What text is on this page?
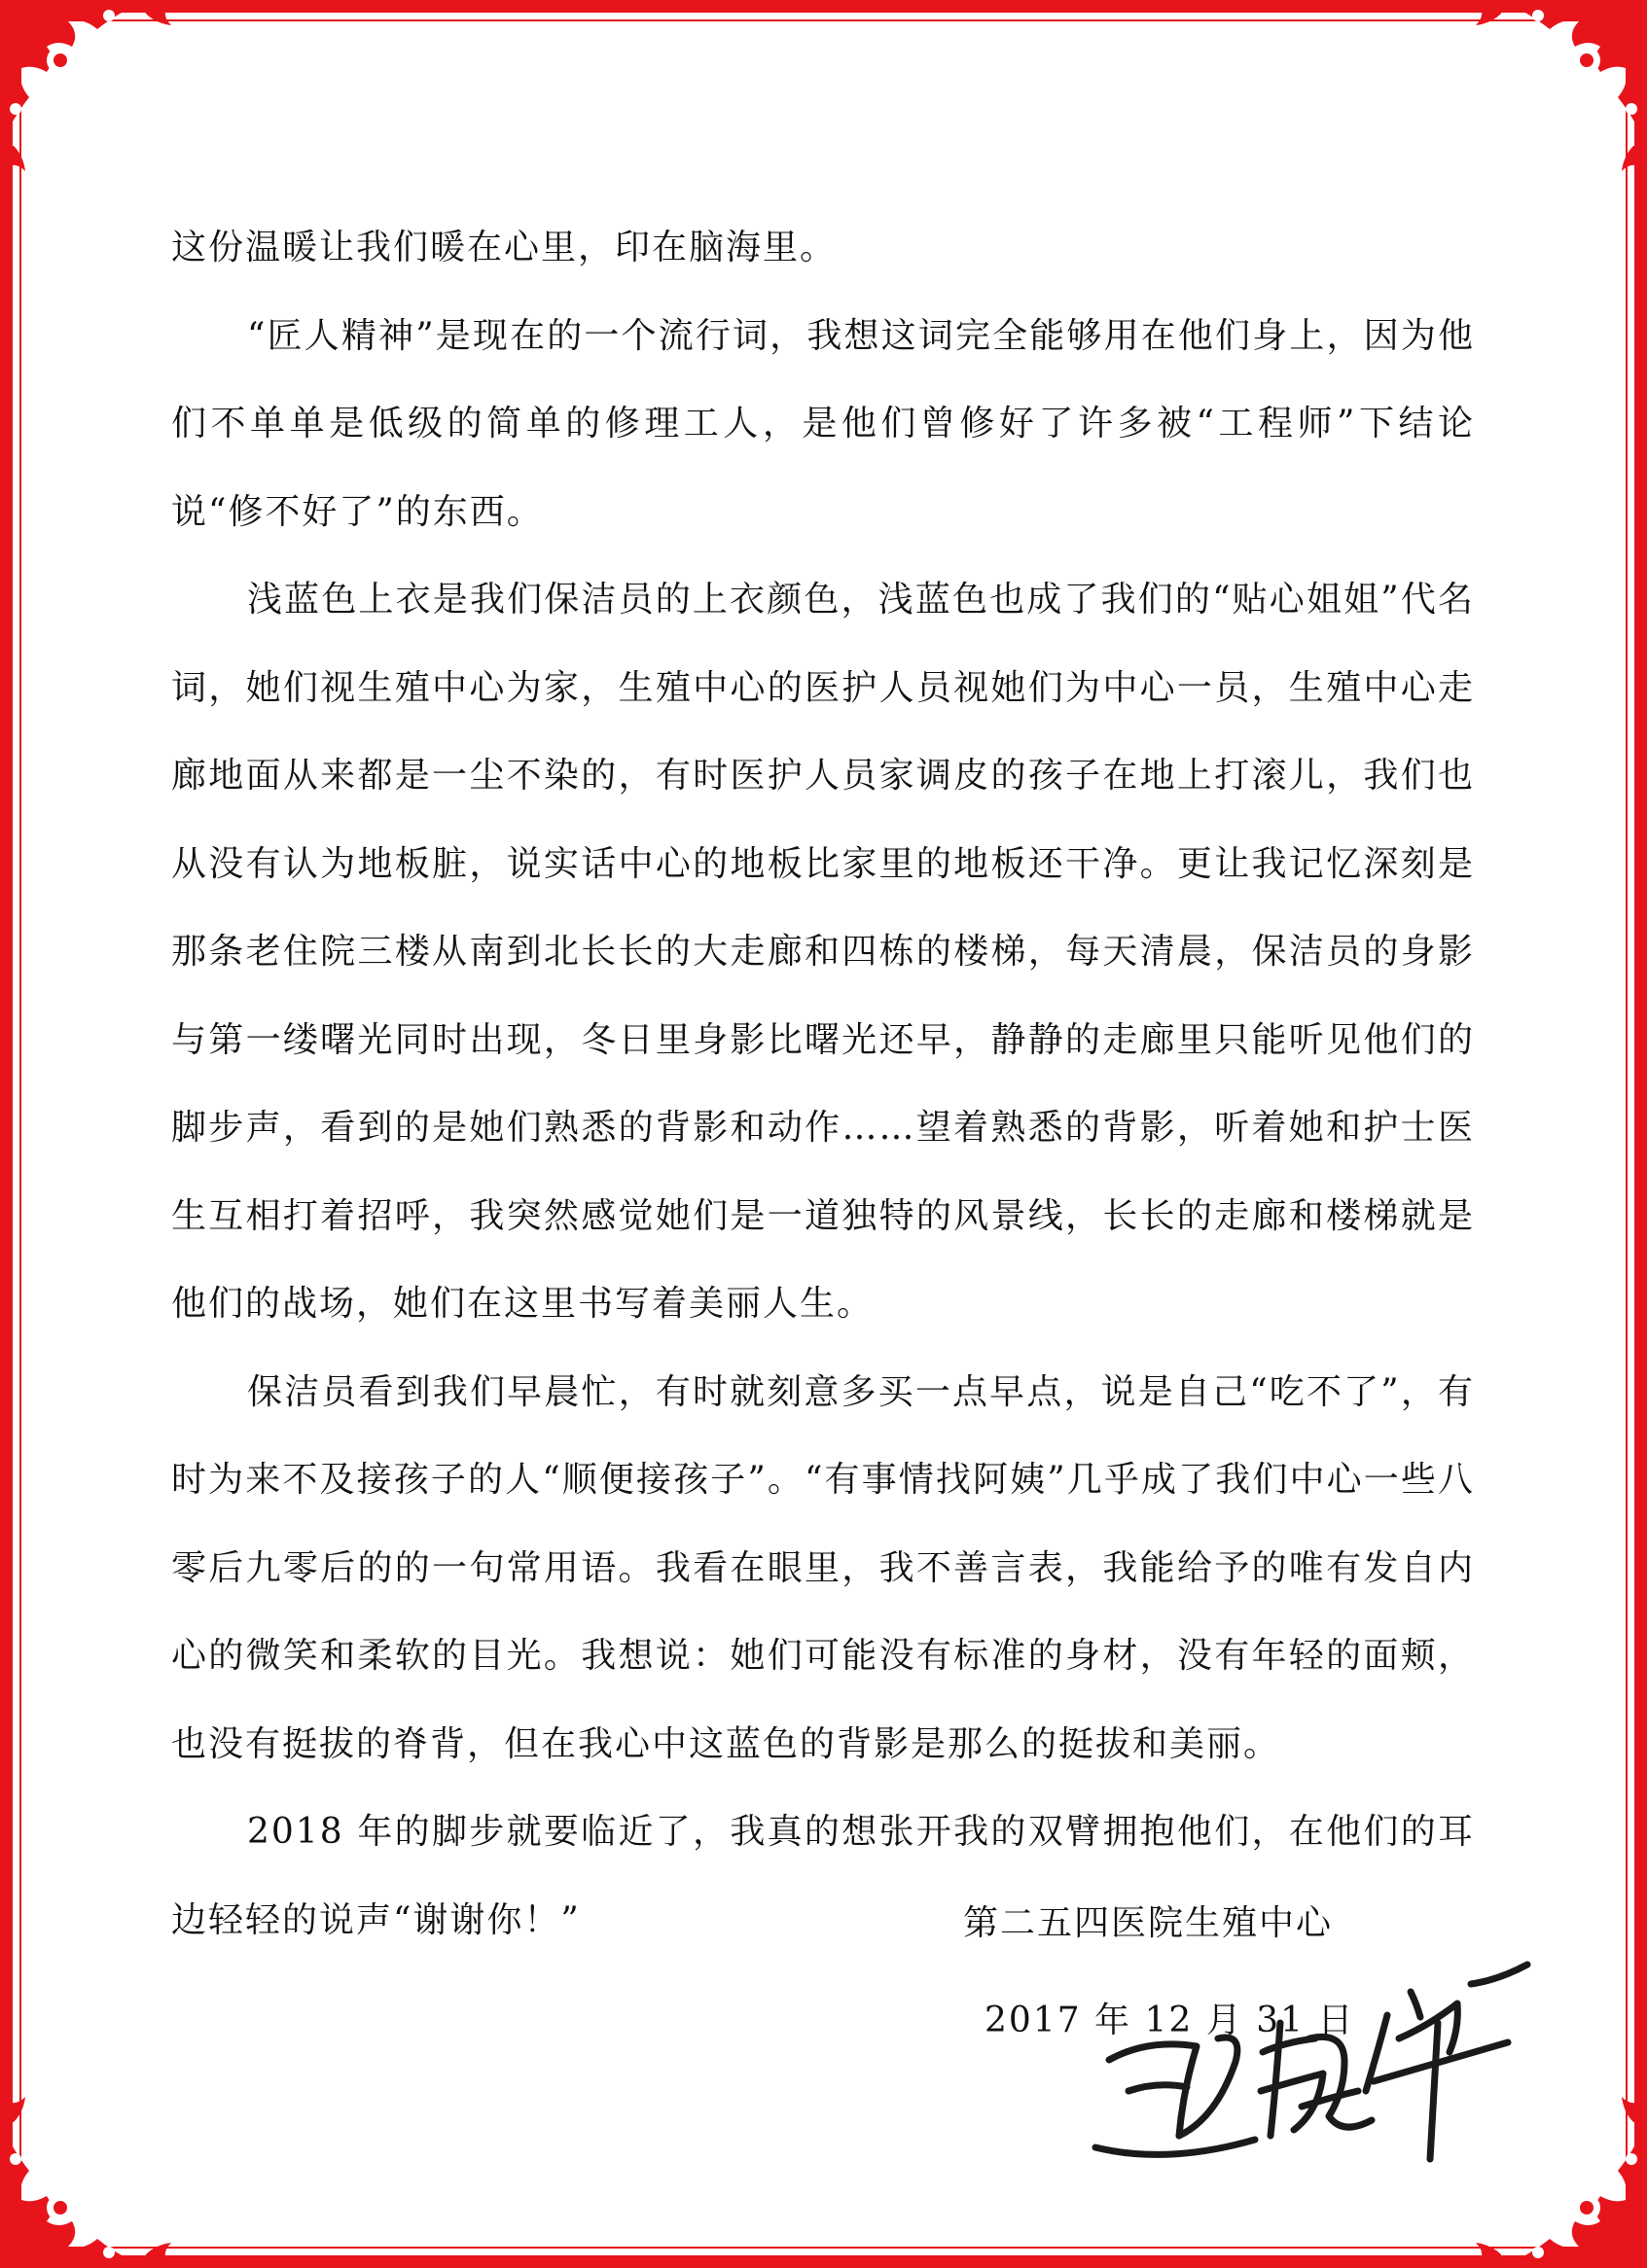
这份温暖让我们暖在心里，印在脑海里。

“匠人精神”是现在的一个流行词，我想这词完全能够用在他们身上，因为他们不单单是低级的简单的修理工人，是他们曾修好了许多被“工程师”下结论说“修不好了”的东西。

浅蓝色上衣是我们保洁员的上衣颜色，浅蓝色也成了我们的“贴心姐姐”代名词，她们视生殖中心为家，生殖中心的医护人员视她们为中心一员，生殖中心走廊地面从来都是一尘不染的，有时医护人员家调皮的孩子在地上打滚儿，我们也从没有认为地板脏，说实话中心的地板比家里的地板还干净。更让我记忆深刻是那条老住院三楼从南到北长长的大走廊和四栋的楼梯，每天清晨，保洁员的身影与第一缕曙光同时出现，冬日里身影比曙光还早，静静的走廊里只能听见他们的脚步声，看到的是她们熟悉的背影和动作……望着熟悉的背影，听着她和护士医生互相打着招呼，我突然感觉她们是一道独特的风景线，长长的走廊和楼梯就是他们的战场，她们在这里书写着美丽人生。

保洁员看到我们早晨忙，有时就刻意多买一点早点，说是自己“吃不了”，有时为来不及接孩子的人“顺便接孩子”。“有事情找阿姨”几乎成了我们中心一些八零后九零后的的一句常用语。我看在眼里，我不善言表，我能给予的唯有发自内心的微笑和柔软的目光。我想说：她们可能没有标准的身材，没有年轻的面颊，也没有挺拔的脊背，但在我心中这蓝色的背影是那么的挺拔和美丽。

2018 年的脚步就要临近了，我真的想张开我的双臂拥抱他们，在他们的耳边轻轻的说声“谢谢你！”	第二五四医院生殖中心

2017 年 12 月 31 日
